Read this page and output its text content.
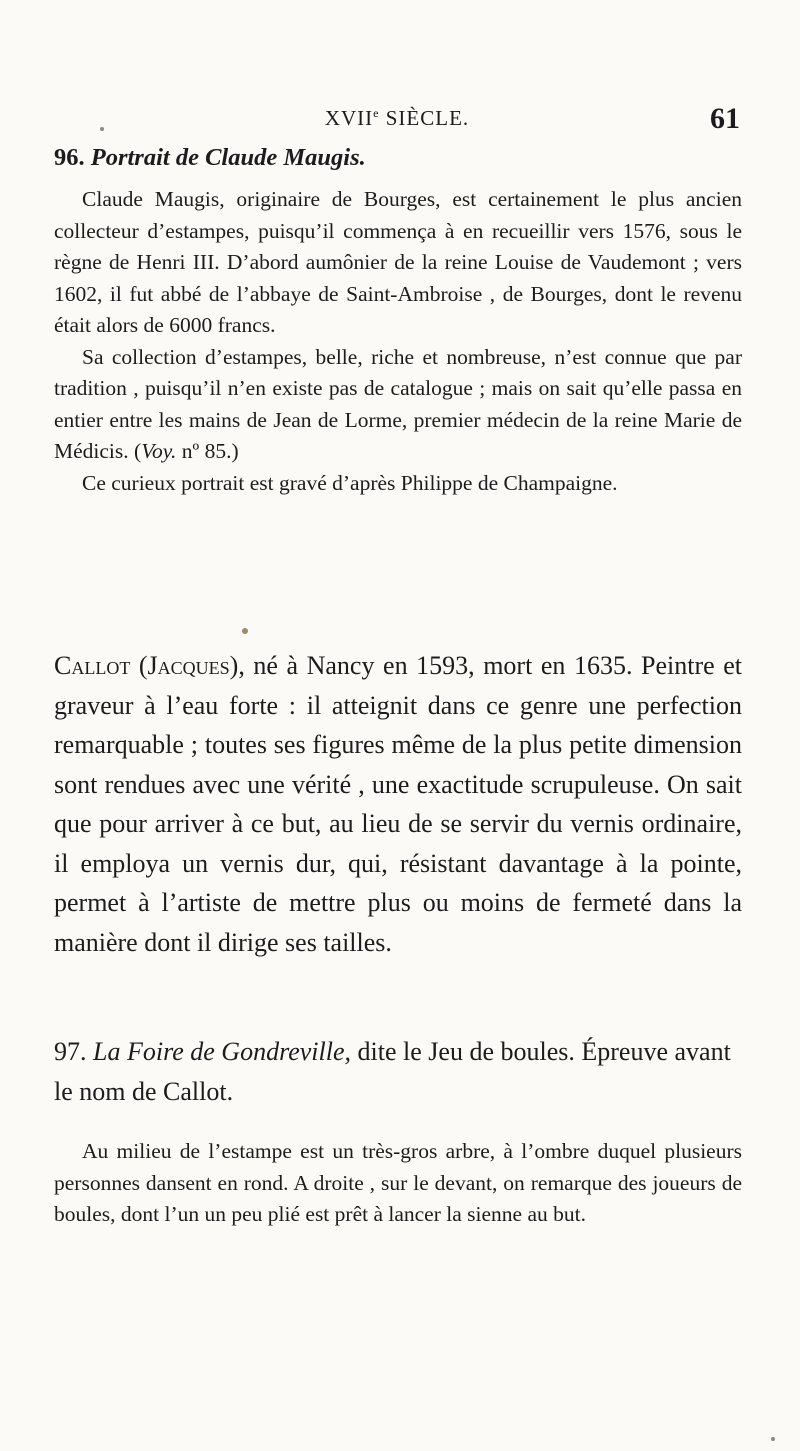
XVIIe SIÈCLE.	61
96. Portrait de Claude Maugis.

Claude Maugis, originaire de Bourges, est certainement le plus ancien collecteur d’estampes, puisqu’il commença à en recueillir vers 1576, sous le règne de Henri III. D’abord aumônier de la reine Louise de Vaudemont ; vers 1602, il fut abbé de l’abbaye de Saint-Ambroise , de Bourges, dont le revenu était alors de 6000 francs.

Sa collection d’estampes, belle, riche et nombreuse, n’est connue que par tradition , puisqu’il n’en existe pas de catalogue ; mais on sait qu’elle passa en entier entre les mains de Jean de Lorme, premier médecin de la reine Marie de Médicis. (Voy. nº 85.)

Ce curieux portrait est gravé d’après Philippe de Champaigne.

Callot (Jacques), né à Nancy en 1593, mort en 1635. Peintre et graveur à l’eau forte : il atteignit dans ce genre une perfection remarquable ; toutes ses figures même de la plus petite dimension sont rendues avec une vérité , une exactitude scrupuleuse. On sait que pour arriver à ce but, au lieu de se servir du vernis ordinaire, il employa un vernis dur, qui, résistant davantage à la pointe, permet à l’artiste de mettre plus ou moins de fermeté dans la manière dont il dirige ses tailles.

97. La Foire de Gondreville, dite le Jeu de boules. Épreuve avant le nom de Callot.

Au milieu de l’estampe est un très-gros arbre, à l’ombre duquel plusieurs personnes dansent en rond. A droite , sur le devant, on remarque des joueurs de boules, dont l’un un peu plié est prêt à lancer la sienne au but.
